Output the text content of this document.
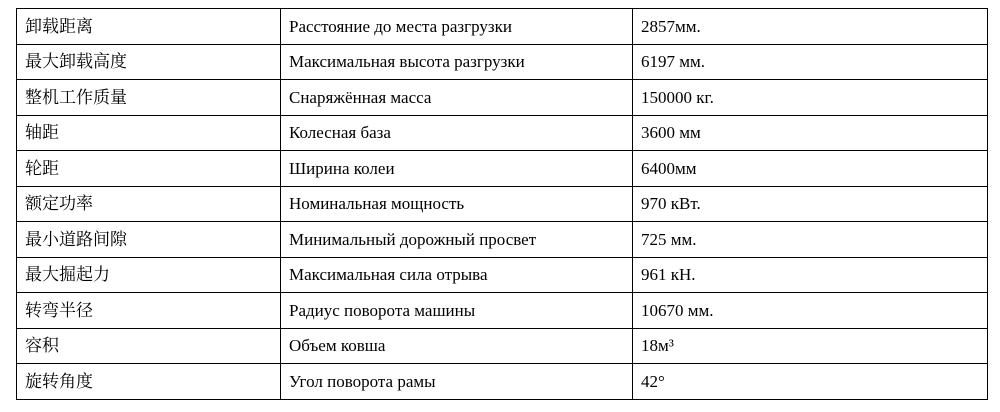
卸载距离	Расстояние до места разгрузки	2857мм.
最大卸载高度	Максимальная высота разгрузки	6197 мм.
整机工作质量	Снаряжённая масса	150000 кг.
轴距	Колесная база	3600 мм
轮距	Ширина колеи	6400мм
额定功率	Номинальная мощность	970 кВт.
最小道路间隙	Минимальный дорожный просвет	725 мм.
最大掘起力	Максимальная сила отрыва	961 кН.
转弯半径	Радиус поворота машины	10670 мм.
容积	Объем ковша	18м³
旋转角度	Угол поворота рамы	42°
